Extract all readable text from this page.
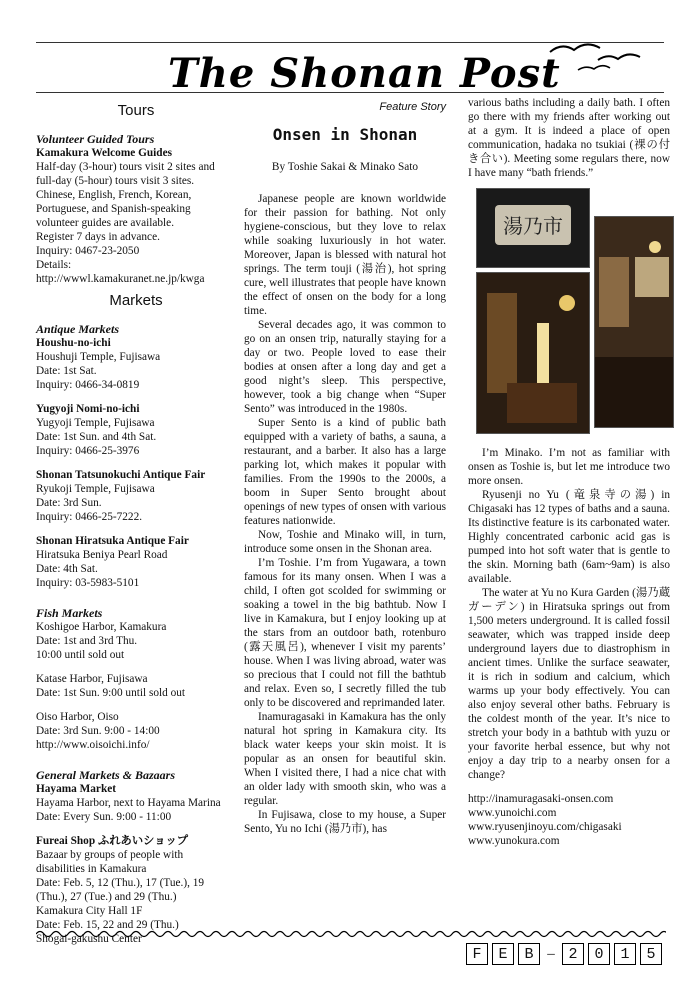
The Shonan Post
Tours
Volunteer Guided Tours
Kamakura Welcome Guides
Half-day (3-hour) tours visit 2 sites and
full-day (5-hour) tours visit 3 sites.
Chinese, English, French, Korean,
Portuguese, and Spanish-speaking
volunteer guides are available.
Register 7 days in advance.
Inquiry: 0467-23-2050
Details:
http://wwwl.kamakuranet.ne.jp/kwga
Markets
Antique Markets
Houshu-no-ichi
Houshuji Temple, Fujisawa
Date: 1st Sat.
Inquiry: 0466-34-0819
Yugyoji Nomi-no-ichi
Yugyoji Temple, Fujisawa
Date: 1st Sun. and 4th Sat.
Inquiry: 0466-25-3976
Shonan Tatsunokuchi Antique Fair
Ryukoji Temple, Fujisawa
Date: 3rd Sun.
Inquiry: 0466-25-7222.
Shonan Hiratsuka Antique Fair
Hiratsuka Beniya Pearl Road
Date: 4th Sat.
Inquiry: 03-5983-5101
Fish Markets
Koshigoe Harbor, Kamakura
Date: 1st and 3rd Thu.
10:00 until sold out
Katase Harbor, Fujisawa
Date: 1st Sun. 9:00 until sold out
Oiso Harbor, Oiso
Date: 3rd Sun. 9:00 - 14:00
http://www.oisoichi.info/
General Markets & Bazaars
Hayama Market
Hayama Harbor, next to Hayama Marina
Date: Every Sun. 9:00 - 11:00
Fureai Shop ふれあいショップ
Bazaar by groups of people with
disabilities in Kamakura
Date: Feb. 5, 12 (Thu.), 17 (Tue.), 19
(Thu.), 27 (Tue.) and 29 (Thu.)
Kamakura City Hall 1F
Date: Feb. 15, 22 and 29 (Thu.)
Shogai-gakushu Center
Feature Story
Onsen in Shonan
By Toshie Sakai & Minako Sato

Japanese people are known worldwide for their passion for bathing. Not only hygiene-conscious, but they love to relax while soaking luxuriously in hot water. Moreover, Japan is blessed with natural hot springs. The term touji (湯治), hot spring cure, well illustrates that people have known the effect of onsen on the body for a long time.

Several decades ago, it was common to go on an onsen trip, naturally staying for a day or two. People loved to ease their bodies at onsen after a long day and get a good night’s sleep. This perspective, however, took a big change when “Super Sento” was introduced in the 1980s.

Super Sento is a kind of public bath equipped with a variety of baths, a sauna, a restaurant, and a barber. It also has a large parking lot, which makes it popular with families. From the 1990s to the 2000s, a boom in Super Sento brought about openings of new types of onsen with various features nationwide.

Now, Toshie and Minako will, in turn, introduce some onsen in the Shonan area.

I’m Toshie. I’m from Yugawara, a town famous for its many onsen. When I was a child, I often got scolded for swimming or soaking a towel in the big bathtub. Now I live in Kamakura, but I enjoy looking up at the stars from an outdoor bath, rotenburo (露天風呂), whenever I visit my parents’ house. When I was living abroad, water was so precious that I could not fill the bathtub and relax. Even so, I secretly filled the tub only to be discovered and reprimanded later.

Inamuragasaki in Kamakura has the only natural hot spring in Kamakura city. Its black water keeps your skin moist. It is popular as an onsen for beautiful skin. When I visited there, I had a nice chat with an older lady with smooth skin, who was a regular.

In Fujisawa, close to my house, a Super Sento, Yu no Ichi (湯乃市), has

various baths including a daily bath. I often go there with my friends after working out at a gym. It is indeed a place of open communication, hadaka no tsukiai (裸の付き合い). Meeting some regulars there, now I have many “bath friends.”

湯乃市

I’m Minako. I’m not as familiar with onsen as Toshie is, but let me introduce two more onsen.

Ryusenji no Yu (竜泉寺の湯) in Chigasaki has 12 types of baths and a sauna. Its distinctive feature is its carbonated water. Highly concentrated carbonic acid gas is pumped into hot soft water that is gentle to the skin. Morning bath (6am~9am) is also available.

The water at Yu no Kura Garden (湯乃蔵ガーデン) in Hiratsuka springs out from 1,500 meters underground. It is called fossil seawater, which was trapped inside deep underground layers due to diastrophism in ancient times. Unlike the surface seawater, it is rich in sodium and calcium, which warms up your body effectively. You can also enjoy several other baths. February is the coldest month of the year. It’s nice to stretch your body in a bathtub with yuzu or your favorite herbal essence, but why not enjoy a day trip to a nearby onsen for a change?

http://inamuragasaki-onsen.com
www.yunoichi.com
www.ryusenjinoyu.com/chigasaki
www.yunokura.com
F	E	B – 2	0	1	5
